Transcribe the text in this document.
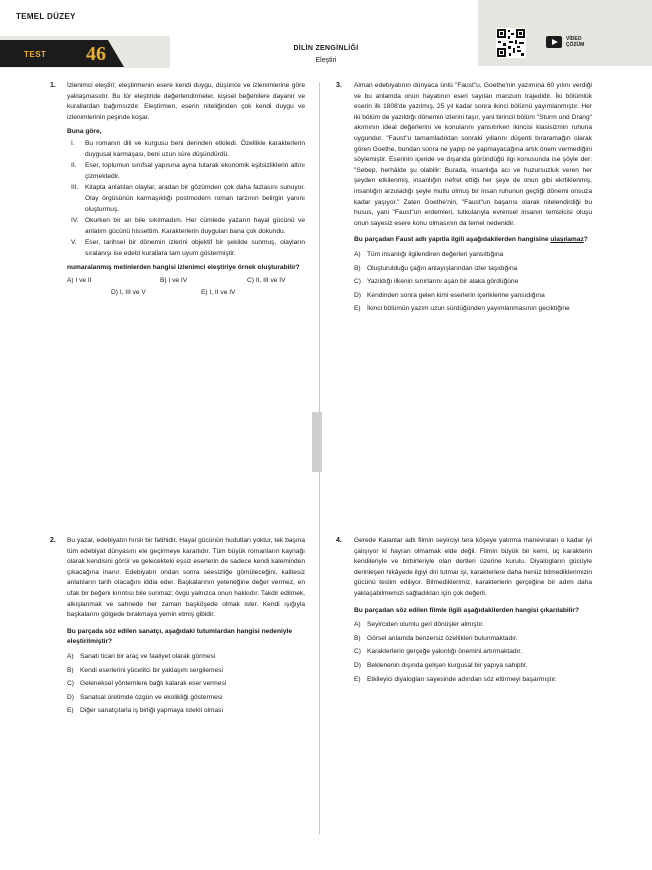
TEMEL DÜZEY
TEST 46	DİLİN ZENGİNLİĞİ
Eleştiri
VİDEO
ÇÖZÜM
1. İzlenimci eleştiri; eleştirmenin esere kendi duygu, düşünce ve izlenimlerine göre yaklaşmasıdır. Bu tür eleştiride değerlendirmeler, kişisel beğenilere dayanır ve kurallardan bağımsızdır. Eleştirmen, eserin niteliğinden çok kendi duygu ve izlenimlerinin peşinde koşar.
Buna göre,
I.	Bu romanın dili ve kurgusu beni derinden etkiledi. Özellikle karakterlerin duygusal karmaşası, beni uzun süre düşündürdü.
II.	Eser, toplumun sınıfsal yapısına ayna tutarak ekonomik eşitsizliklerin altını çizmektedir.
III.	Kitapta anlatılan olaylar, aradan bir gözümden çok daha fazlasını sunuyor. Olay örgüsünün karmaşıklığı postmodern roman tarzının belirgin yanını oluşturmuş.
IV. Okurken bir an bile sıkılmadım. Her cümlede yazarın hayal gücünü ve anlatım gücünü hissettim. Karakterlerin duyguları bana çok dokundu.
V.	Eser, tarihsel bir dönemin izlerini objektif bir şekilde sunmuş, olayların sıralanışı ise edebî kurallara tam uyum göstermiştir.
numaralanmış metinlerden hangisi izlenimci eleştiriye örnek oluşturabilir?
A) I ve II	B) I ve IV	C) II, III ve IV
D) I, III ve V	E) I, II ve IV
2. Bu yazar, edebiyatın hırslı bir fatihidir. Hayal gücünün hudutları yoktur, tek başına tüm edebiyat dünyasını ele geçirmeye kararlıdır. Tüm büyük romanların kaynağı olarak kendisini görür ve gelecekteki eşsiz eserlerin de sadece kendi kaleminden çıkacağına inanır. Edebiyatın ondan sonra seesizliğe gömüleceğini, kalitesiz anlatıların tarih olacağını iddia eder. Başkalarının yeteneğine değer vermez, en ufak bir beğeni kırıntısı bile sunmaz; övgü yalnızca onun hakkıdır. Takdir edilmek, alkışlanmak ve sahnede her zaman başköşede olmak ister. Kendi ışığıyla başkalarını gölgede bırakmaya yemin etmiş gibidir.
Bu parçada söz edilen sanatçı, aşağıdaki tutumlardan hangisi nedeniyle eleştirilmiştir?
A) Sanatı ticari bir araç ve faaliyet olarak görmesi
B) Kendi eserlerini yücelitci bir yaklaşım sergilemesi
C) Geleneksel yöntemlere bağlı kalarak eser vermesi
D) Sanatsal üretimde özgün ve ekolikliği göstermesi
E) Diğer sanatçılarla iş birliği yapmaya istekli olması
3. Alman edebiyatının dünyaca ünlü "Faust"u, Goethe'nin yazımına 60 yılını verdiği ve bu anlamda onun hayatının eseri sayılan manzum trajedidir. İki bölümlük eserin ilk 1808'de yazılmış, 25 yıl kadar sonra ikinci bölümü yayımlanmıştır. Her iki bölüm de yazıldığı dönemin izlerini taşır, yani birincil bölüm "Sturm und Drang" akımının ideal değerlerini ve konularını yansıtırken ikincisi klasisizmin ruhuna uygundur. "Faust"u tamamladıktan sonraki yıllarını düşenti bıraramağın olarak gören Goethe, bundan sonra ne yapıp ne yapmayacağına artık önem vermediğini söylemiştir. Eserinin içeride ve dışarıda göründüğü ilgi konusunda ise şöyle der: "Sebep, herhâlde şu olabilir: Burada, insanlığa acı ve huzursuzluk veren her şeyden etkilenmiş, insanlığın nefret ettiği her şeye de onun gibi ekrtiklenmiş, insanlığın arzuladığı şeyle mutlu olmuş bir insan ruhunun geçtiği dönemi onsuza kadar yaşıyor." Zaten Goethe'nin, "Faust"un başarısı olarak nitelendirdiği bu husus, yani "Faust"un erdemleri, tutkularıyla evrensel insanın temsilcisi oluşu onun sayesiz esere konu olmasının da temel nedenidir.
Bu parçadan Faust adlı yapıtla ilgili aşağıdakilerden hangisine ulaşılamaz?
A) Tüm insanlığı ilgilendiren değerleri yansıttığına
B) Oluşturulduğu çağın anlayışlarından izler taşıdığına
C) Yazıldığı ilkenin sınırlarını aşan bir alaka gördüğüne
D) Kendinden sonra gelen kimi eserlerin içeriklerine yansıdığına
E) İkinci bölümün yazım uzun sürdüğünden yayımlanmasının geciktiğine
4. Gerede Kalanlar adlı filmin seyirciyi tera köşeye yatırma manevraları o kadar iyi çalışıyor ki hayran olmamak elde değil. Filmin büyük bir kemi, üç karakterin kendileriyle ve birbirleriyle olan dertleri üzerine kurulu. Diyalogların gücüyle derinleşen hikâyede ilgiyi diri tutmaı işi, karakterlere daha henüz bilmediklerimizin gücünü teslim ediliyor. Bilmediklerimiz, karakterlerin gerçeğine bir adım daha yaklaşabilmemizi sağladıkları için çok değerli.
Bu parçadan söz edilen filmle ilgili aşağıdakilerden hangisi çıkarılabilir?
A) Seyirciden olumlu geri dönüşler almıştır.
B) Görsel anlamda benzersiz özellikleri bulunmaktadır.
C) Karakterlerin gerçeğe yakınlığı önemini artırmaktadır.
D) Beklenenin dışında gelişen kurgusal bir yapıya sahiptir.
E) Etkileyici diyalogları sayesinde adından söz ettirmeyi başarmıştır.
